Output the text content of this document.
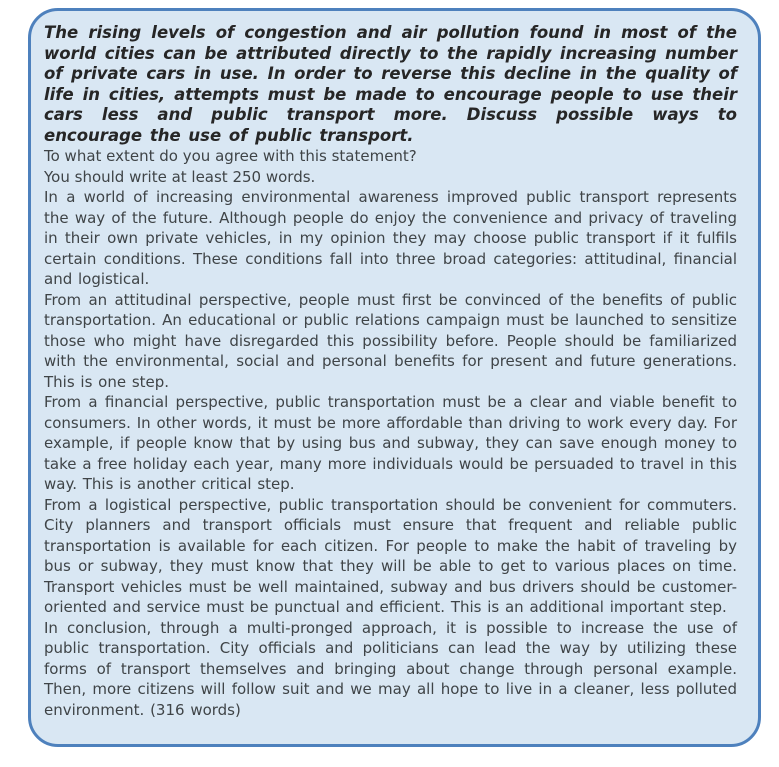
The rising levels of congestion and air pollution found in most of the world cities can be attributed directly to the rapidly increasing number of private cars in use. In order to reverse this decline in the quality of life in cities, attempts must be made to encourage people to use their cars less and public transport more. Discuss possible ways to encourage the use of public transport.

To what extent do you agree with this statement?

You should write at least 250 words.

In a world of increasing environmental awareness improved public transport represents the way of the future. Although people do enjoy the convenience and privacy of traveling in their own private vehicles, in my opinion they may choose public transport if it fulfils certain conditions. These conditions fall into three broad categories: attitudinal, financial and logistical.

From an attitudinal perspective, people must first be convinced of the benefits of public transportation. An educational or public relations campaign must be launched to sensitize those who might have disregarded this possibility before. People should be familiarized with the environmental, social and personal benefits for present and future generations. This is one step.

From a financial perspective, public transportation must be a clear and viable benefit to consumers. In other words, it must be more affordable than driving to work every day. For example, if people know that by using bus and subway, they can save enough money to take a free holiday each year, many more individuals would be persuaded to travel in this way. This is another critical step.

From a logistical perspective, public transportation should be convenient for commuters. City planners and transport officials must ensure that frequent and reliable public transportation is available for each citizen. For people to make the habit of traveling by bus or subway, they must know that they will be able to get to various places on time. Transport vehicles must be well maintained, subway and bus drivers should be customer-oriented and service must be punctual and efficient. This is an additional important step.

In conclusion, through a multi-pronged approach, it is possible to increase the use of public transportation. City officials and politicians can lead the way by utilizing these forms of transport themselves and bringing about change through personal example. Then, more citizens will follow suit and we may all hope to live in a cleaner, less polluted environment. (316 words)
